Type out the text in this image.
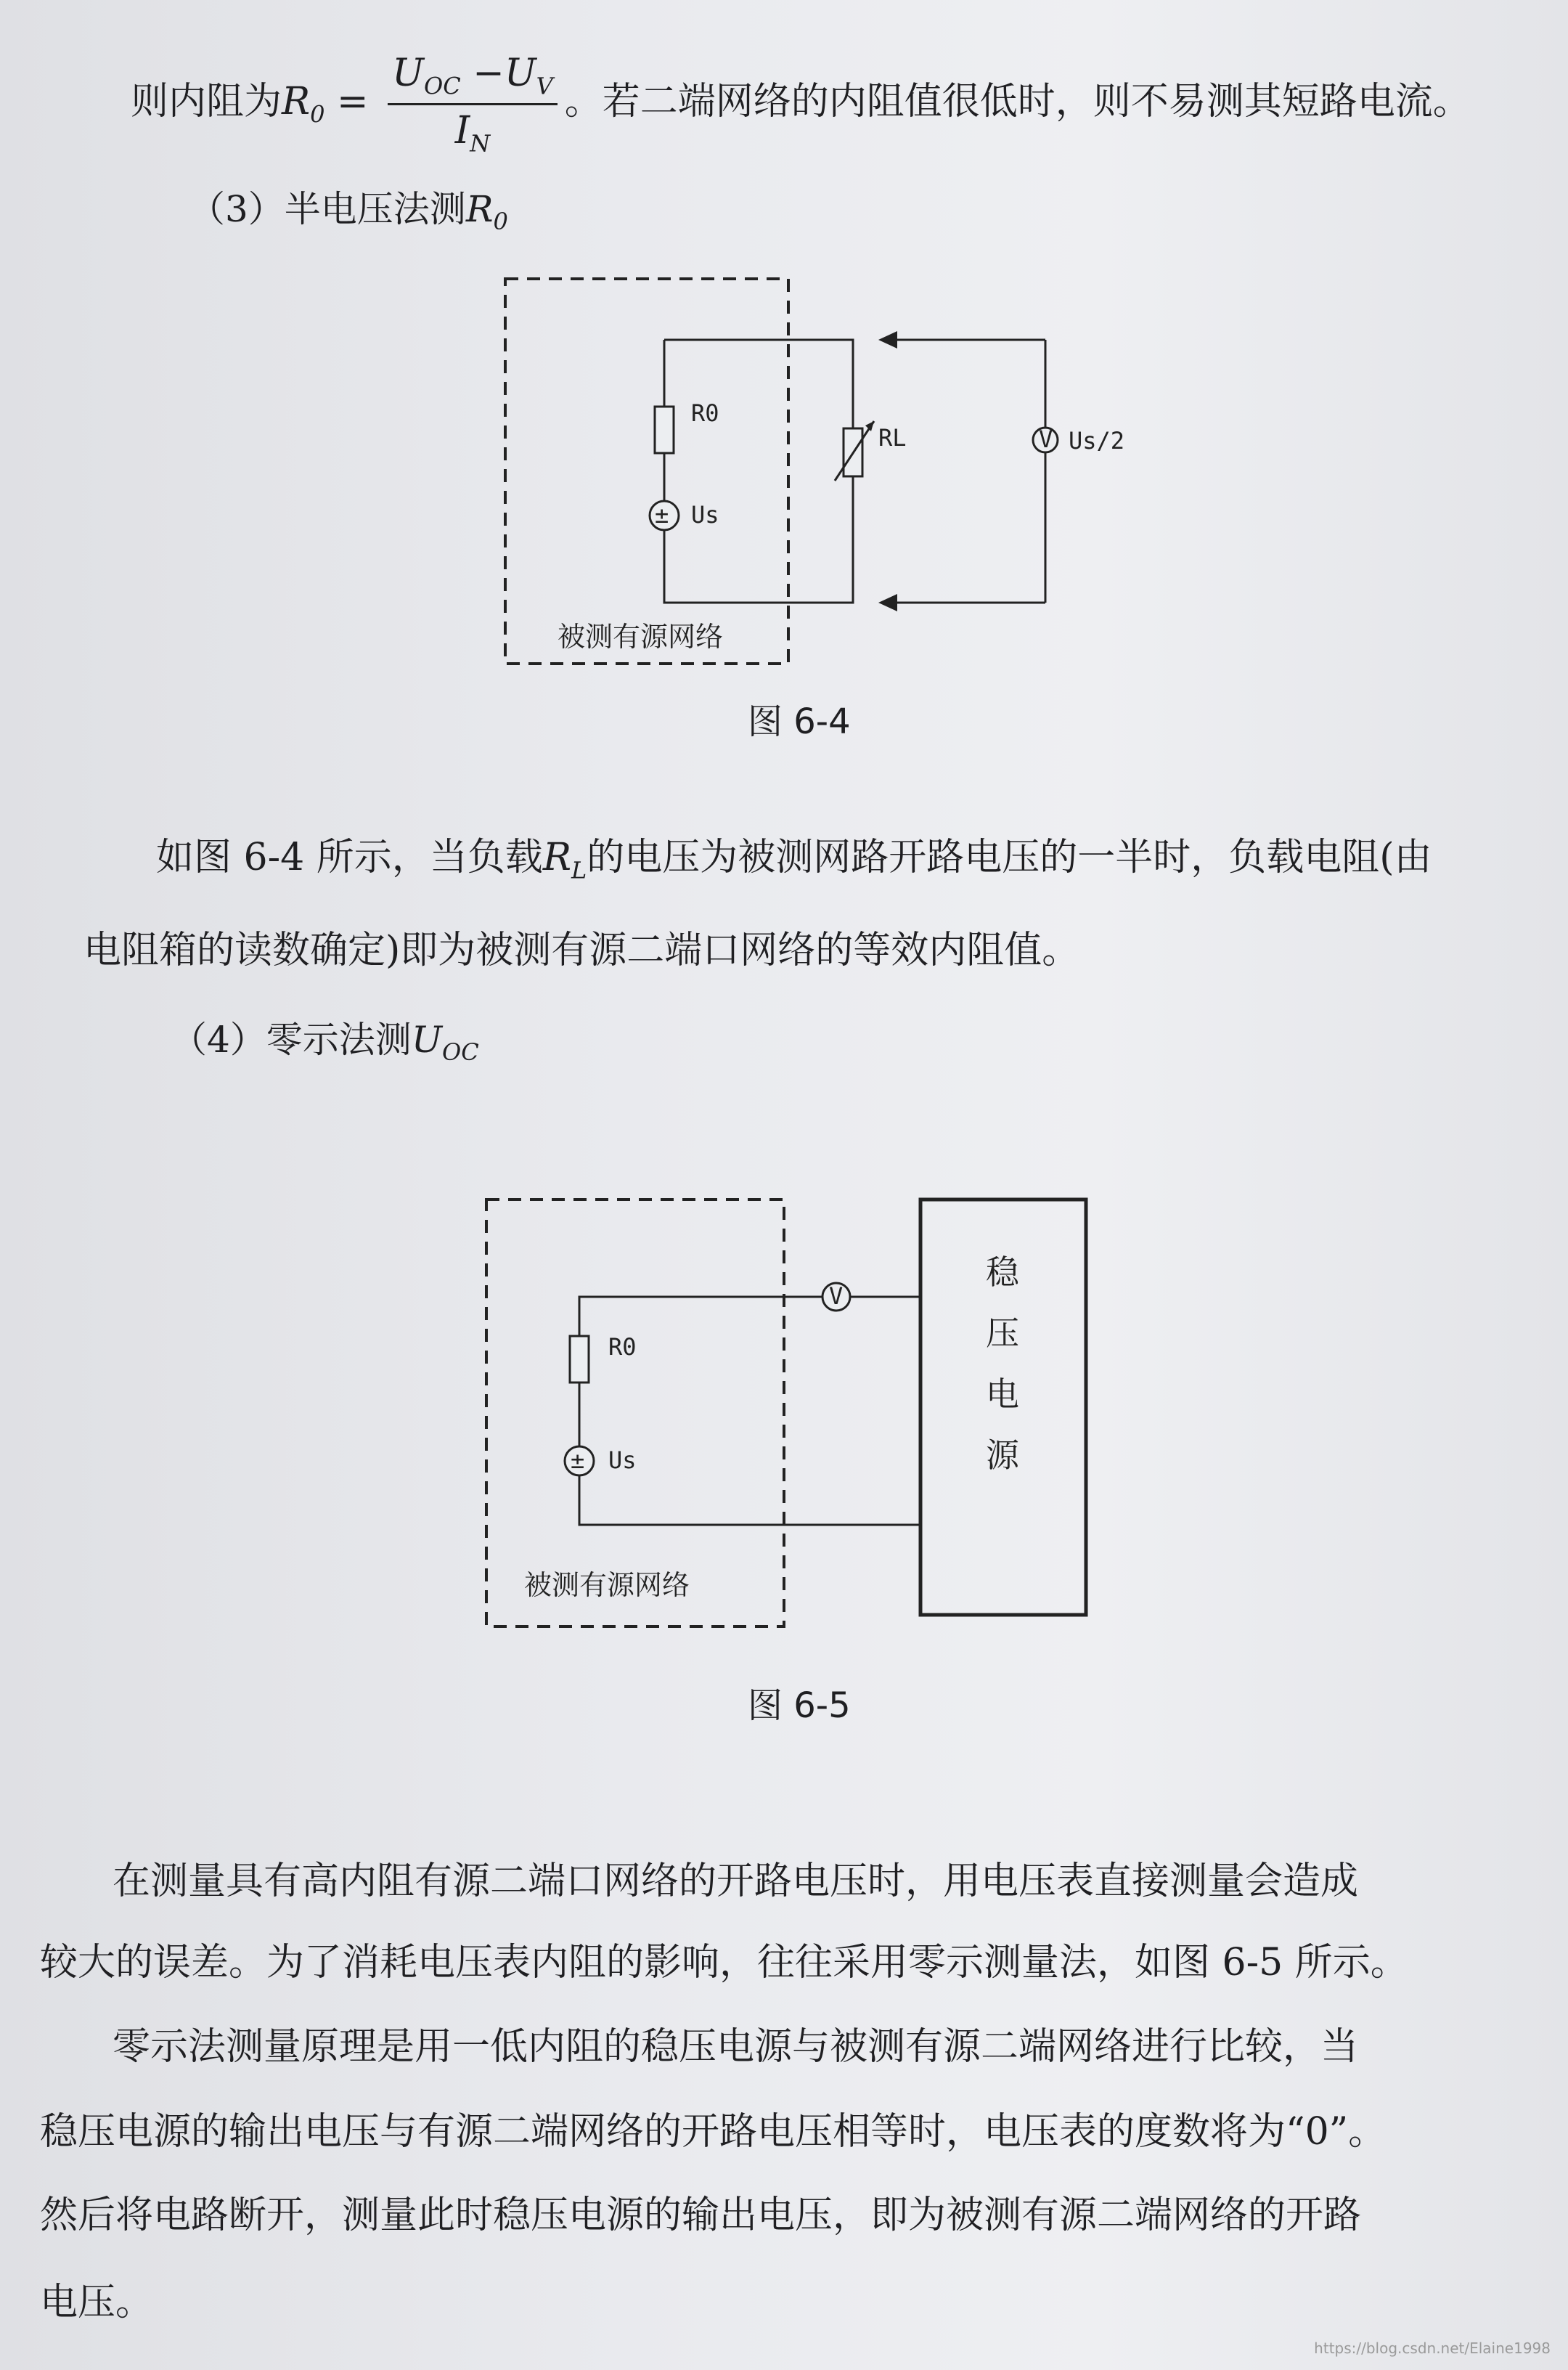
则内阻为$R_0 = \frac{U_{OC} -U_V}{I_N}$ 。若二端网络的内阻值很低时，则不易测其短路电流。
（3）半电压法测$R_0$
R0
± Us
RL	V Us/2
被测有源网络
图 6-4
如图 6-4 所示，当负载$R_L$的电压为被测网路开路电压的一半时，负载电阻(由
电阻箱的读数确定)即为被测有源二端口网络的等效内阻值。
（4）零示法测$U_{OC}$
稳
压
电
源
V
R0
± Us
被测有源网络
图 6-5
在测量具有高内阻有源二端口网络的开路电压时，用电压表直接测量会造成
较大的误差。为了消耗电压表内阻的影响，往往采用零示测量法，如图 6-5 所示。
零示法测量原理是用一低内阻的稳压电源与被测有源二端网络进行比较，当
稳压电源的输出电压与有源二端网络的开路电压相等时，电压表的度数将为“0”。
然后将电路断开，测量此时稳压电源的输出电压，即为被测有源二端网络的开路
电压。
https://blog.csdn.net/Elaine1998
